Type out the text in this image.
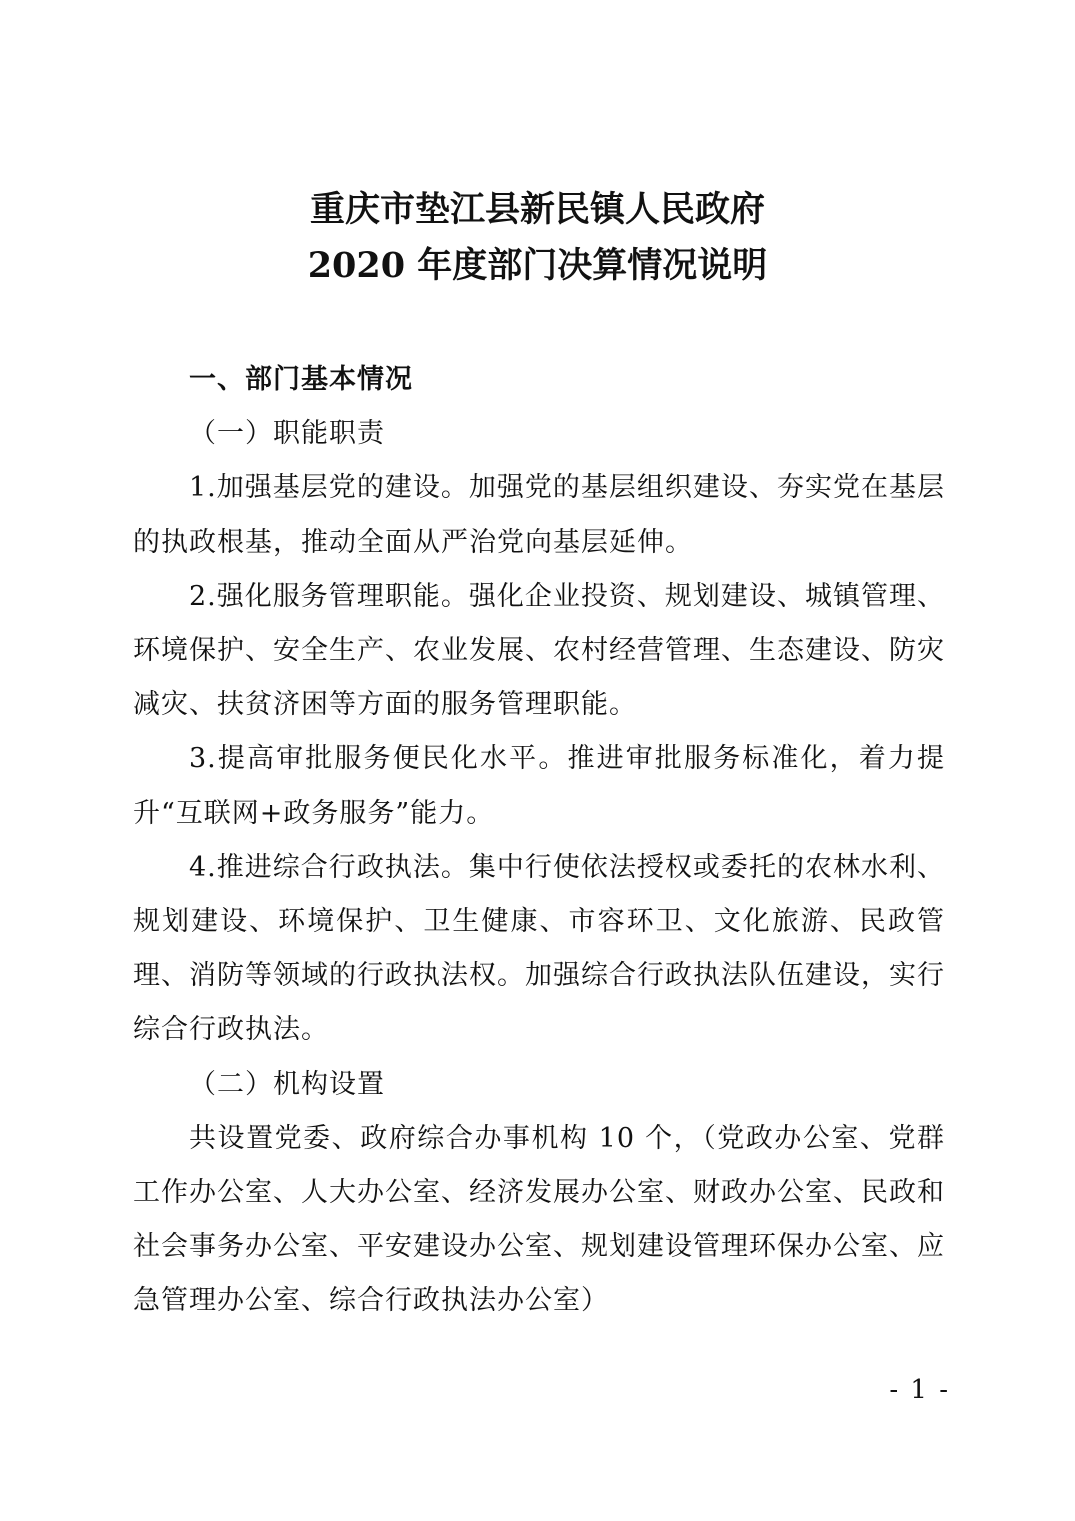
重庆市垫江县新民镇人民政府
2020 年度部门决算情况说明
一、部门基本情况
（一）职能职责

1.加强基层党的建设。加强党的基层组织建设、夯实党在基层的执政根基，推动全面从严治党向基层延伸。

2.强化服务管理职能。强化企业投资、规划建设、城镇管理、环境保护、安全生产、农业发展、农村经营管理、生态建设、防灾减灾、扶贫济困等方面的服务管理职能。

3.提高审批服务便民化水平。推进审批服务标准化，着力提升“互联网+政务服务”能力。

4.推进综合行政执法。集中行使依法授权或委托的农林水利、规划建设、环境保护、卫生健康、市容环卫、文化旅游、民政管理、消防等领域的行政执法权。加强综合行政执法队伍建设，实行综合行政执法。

（二）机构设置

共设置党委、政府综合办事机构 10 个，（党政办公室、党群工作办公室、人大办公室、经济发展办公室、财政办公室、民政和社会事务办公室、平安建设办公室、规划建设管理环保办公室、应急管理办公室、综合行政执法办公室）

- 1 -
